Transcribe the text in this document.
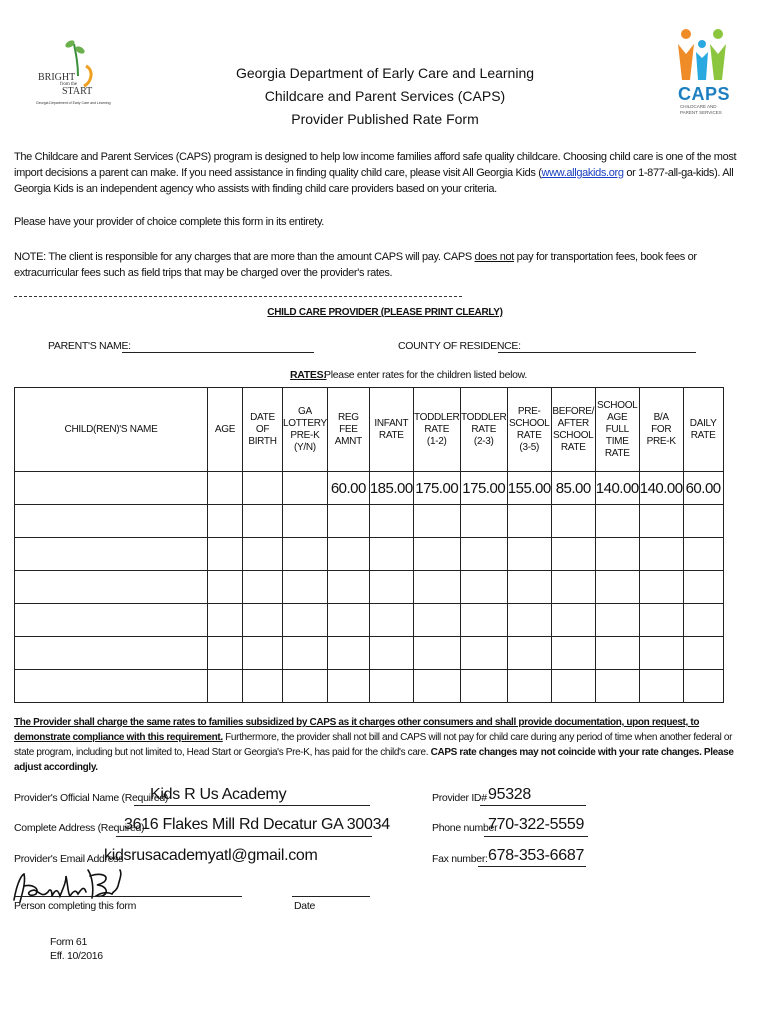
BRIGHT
from the
START
Georgia Department of Early Care and Learning	CAPS
CHILDCARE AND
PARENT SERVICES
Georgia Department of Early Care and Learning
Childcare and Parent Services (CAPS)
Provider Published Rate Form
The Childcare and Parent Services (CAPS) program is designed to help low income families afford safe quality childcare. Choosing child care is one of the most import decisions a parent can make. If you need assistance in finding quality child care, please visit All Georgia Kids (www.allgakids.org or 1-877-all-ga-kids). All Georgia Kids is an independent agency who assists with finding child care providers based on your criteria.
Please have your provider of choice complete this form in its entirety.
NOTE: The client is responsible for any charges that are more than the amount CAPS will pay. CAPS does not pay for transportation fees, book fees or extracurricular fees such as field trips that may be charged over the provider's rates.
CHILD CARE PROVIDER (PLEASE PRINT CLEARLY)
PARENT'S NAME:	COUNTY OF RESIDENCE:
RATES:
Please enter rates for the children listed below.
CHILD(REN)'S NAME	AGE	DATE
OF
BIRTH	GA
LOTTERY
PRE-K
(Y/N)	REG
FEE
AMNT	INFANT
RATE	TODDLER
RATE
(1-2)	TODDLER
RATE
(2-3)	PRE-
SCHOOL
RATE
(3-5)	BEFORE/
AFTER
SCHOOL
RATE	SCHOOL
AGE
FULL
TIME
RATE	B/A
FOR
PRE-K	DAILY
RATE
				60.00	185.00	175.00	175.00	155.00	85.00	140.00	140.00	60.00

The Provider shall charge the same rates to families subsidized by CAPS as it charges other consumers and shall provide documentation, upon request, to demonstrate compliance with this requirement. Furthermore, the provider shall not bill and CAPS will not pay for child care during any period of time when another federal or state program, including but not limited to, Head Start or Georgia's Pre-K, has paid for the child's care. CAPS rate changes may not coincide with your rate changes. Please adjust accordingly.
Provider's Official Name (Required)
Kids R Us Academy	Provider ID# 95328
Complete Address (Required)
3616 Flakes Mill Rd Decatur GA 30034	Phone number
770-322-5559
Provider's Email Address
kidsrusacademyatl@gmail.com	Fax number: 678-353-6687
Person completing this form	Date
Form 61
Eff. 10/2016
